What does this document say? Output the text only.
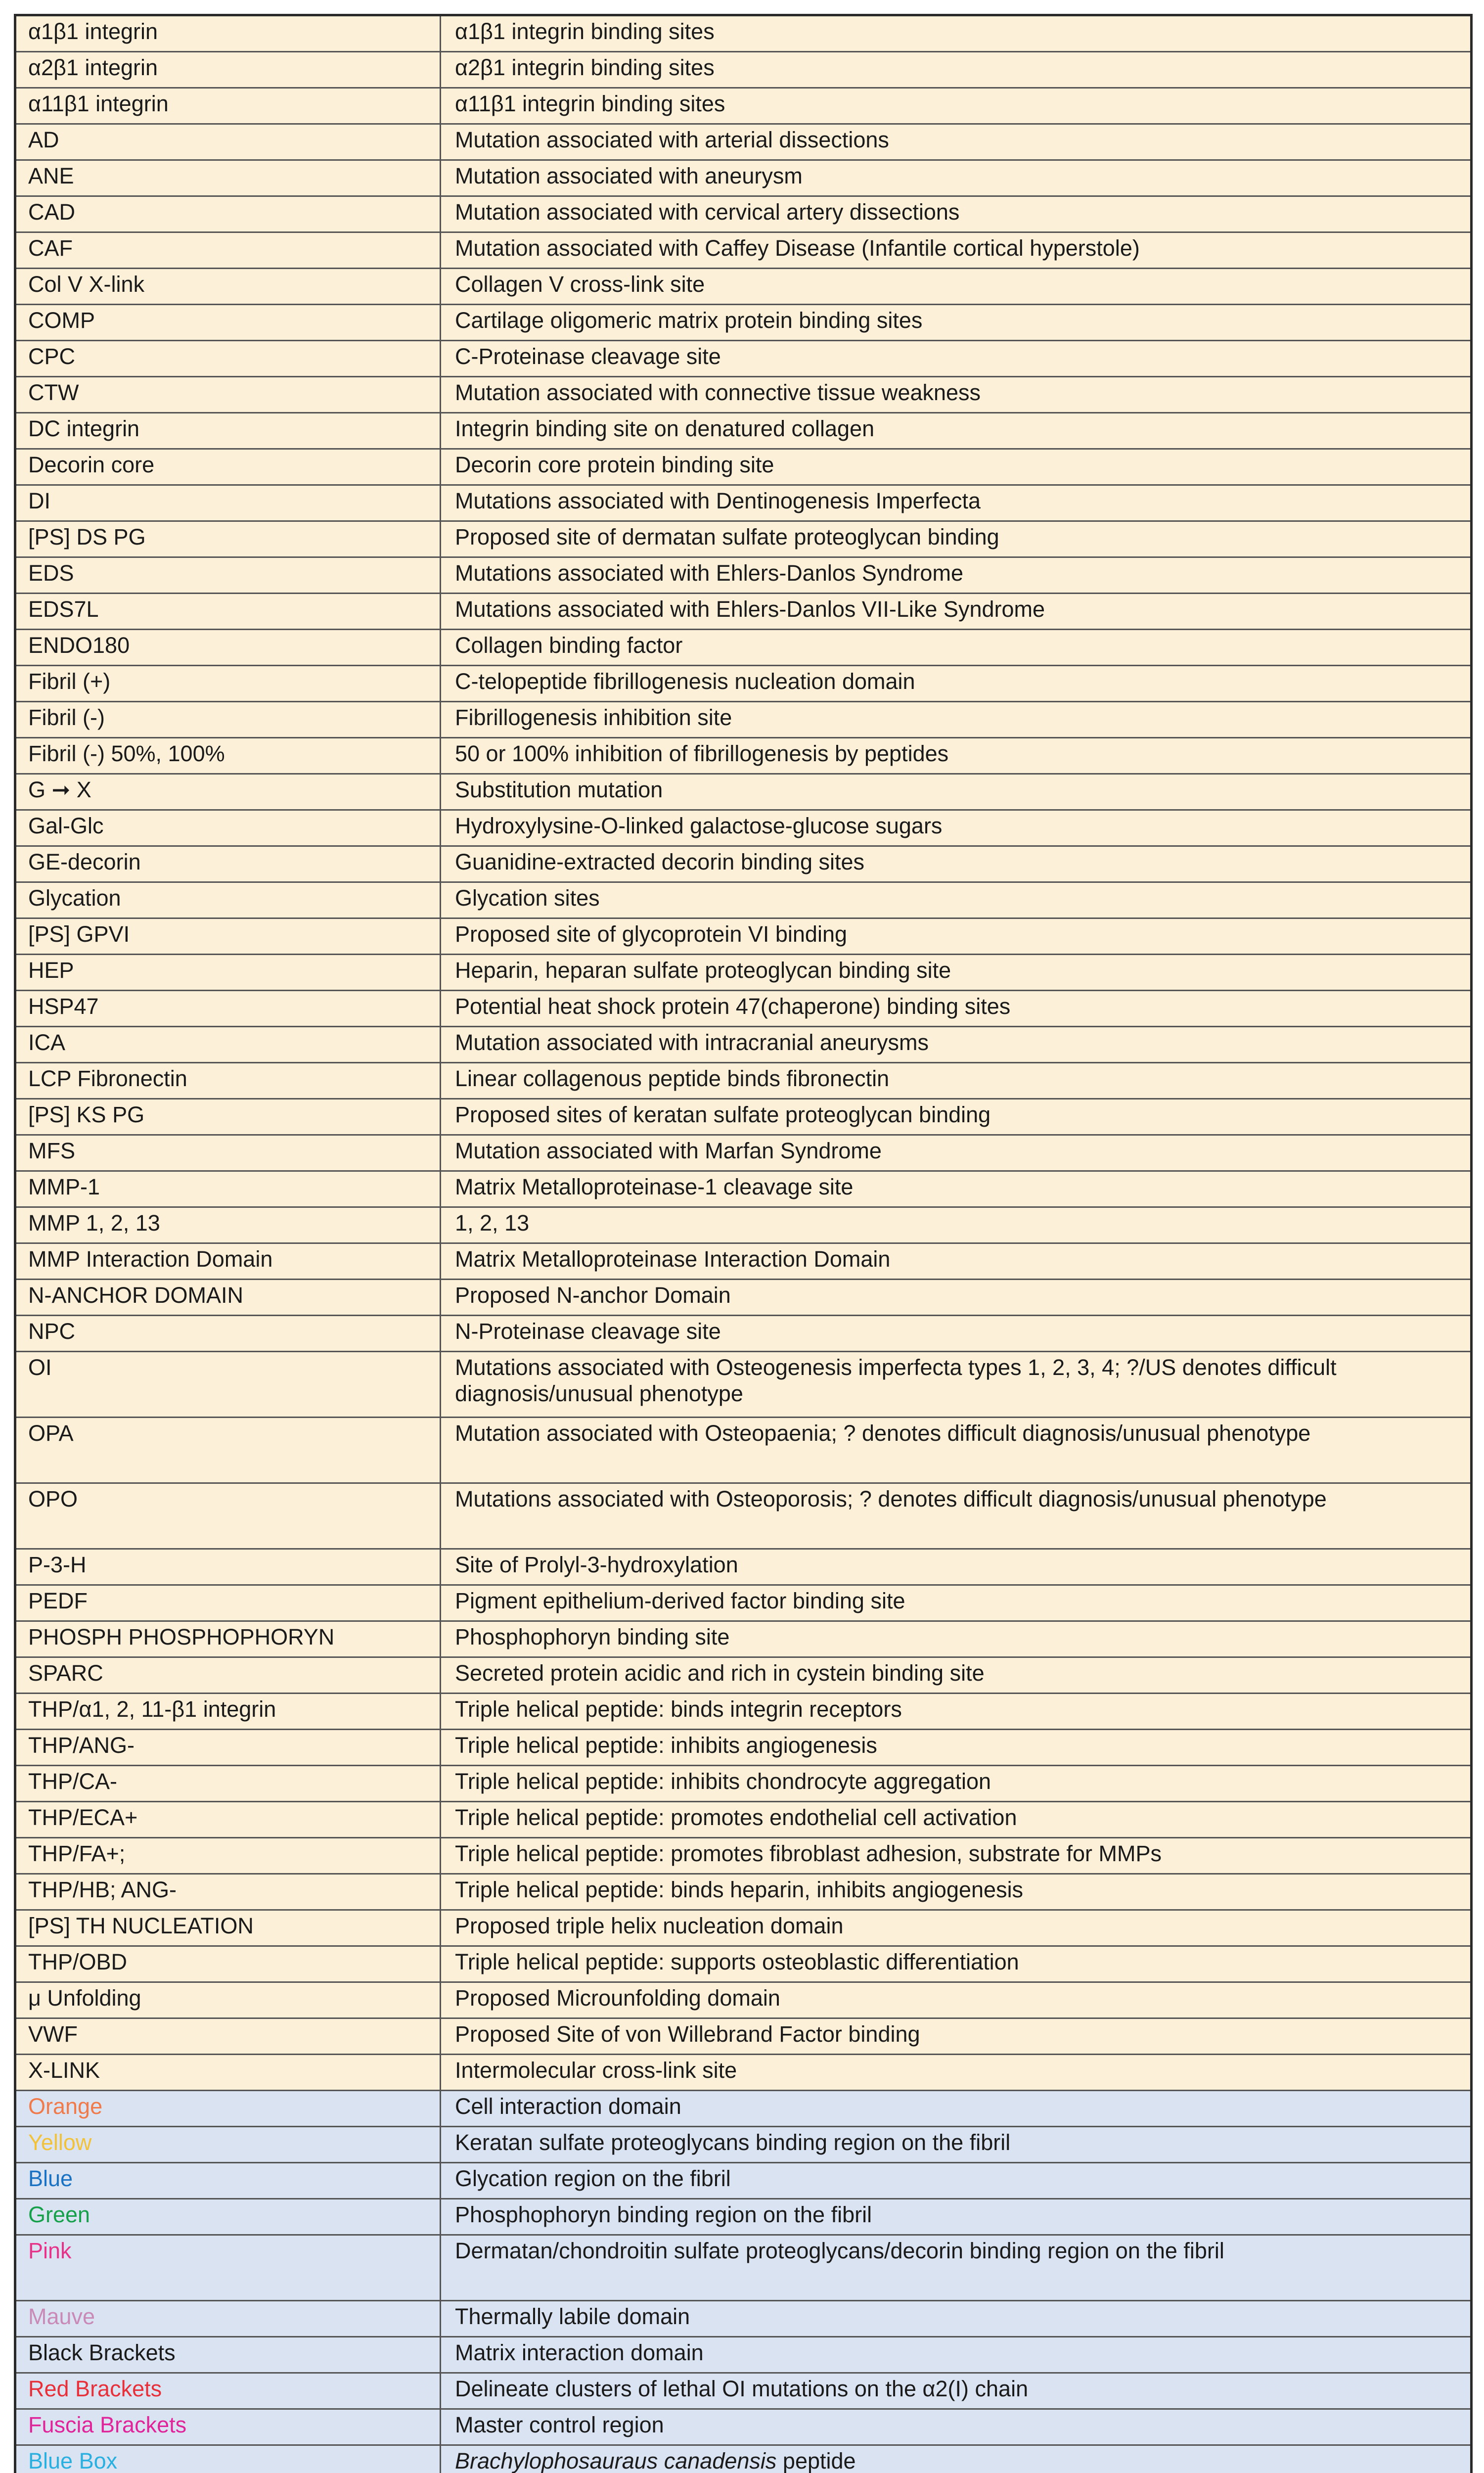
α1β1 integrin	α1β1 integrin binding sites
α2β1 integrin	α2β1 integrin binding sites
α11β1 integrin	α11β1 integrin binding sites
AD	Mutation associated with arterial dissections
ANE	Mutation associated with aneurysm
CAD	Mutation associated with cervical artery dissections
CAF	Mutation associated with Caffey Disease (Infantile cortical hyperstole)
Col V X-link	Collagen V cross-link site
COMP	Cartilage oligomeric matrix protein binding sites
CPC	C-Proteinase cleavage site
CTW	Mutation associated with connective tissue weakness
DC integrin	Integrin binding site on denatured collagen
Decorin core	Decorin core protein binding site
DI	Mutations associated with Dentinogenesis Imperfecta
[PS] DS PG	Proposed site of dermatan sulfate proteoglycan binding
EDS	Mutations associated with Ehlers-Danlos Syndrome
EDS7L	Mutations associated with Ehlers-Danlos VII-Like Syndrome
ENDO180	Collagen binding factor
Fibril (+)	C-telopeptide fibrillogenesis nucleation domain
Fibril (-)	Fibrillogenesis inhibition site
Fibril (-) 50%, 100%	50 or 100% inhibition of fibrillogenesis by peptides
G ➞ X	Substitution mutation
Gal-Glc	Hydroxylysine-O-linked galactose-glucose sugars
GE-decorin	Guanidine-extracted decorin binding sites
Glycation	Glycation sites
[PS] GPVI	Proposed site of glycoprotein VI binding
HEP	Heparin, heparan sulfate proteoglycan binding site
HSP47	Potential heat shock protein 47(chaperone) binding sites
ICA	Mutation associated with intracranial aneurysms
LCP Fibronectin	Linear collagenous peptide binds fibronectin
[PS] KS PG	Proposed sites of keratan sulfate proteoglycan binding
MFS	Mutation associated with Marfan Syndrome
MMP-1	Matrix Metalloproteinase-1 cleavage site
MMP 1, 2, 13	1, 2, 13
MMP Interaction Domain	Matrix Metalloproteinase Interaction Domain
N-ANCHOR DOMAIN	Proposed N-anchor Domain
NPC	N-Proteinase cleavage site
OI	Mutations associated with Osteogenesis imperfecta types 1, 2, 3, 4; ?/US denotes difficult diagnosis/unusual phenotype
OPA	Mutation associated with Osteopaenia; ? denotes difficult diagnosis/unusual phenotype
OPO	Mutations associated with Osteoporosis; ? denotes difficult diagnosis/unusual phenotype
P-3-H	Site of Prolyl-3-hydroxylation
PEDF	Pigment epithelium-derived factor binding site
PHOSPH PHOSPHOPHORYN	Phosphophoryn binding site
SPARC	Secreted protein acidic and rich in cystein binding site
THP/α1, 2, 11-β1 integrin	Triple helical peptide: binds integrin receptors
THP/ANG-	Triple helical peptide: inhibits angiogenesis
THP/CA-	Triple helical peptide: inhibits chondrocyte aggregation
THP/ECA+	Triple helical peptide: promotes endothelial cell activation
THP/FA+;	Triple helical peptide: promotes fibroblast adhesion, substrate for MMPs
THP/HB; ANG-	Triple helical peptide: binds heparin, inhibits angiogenesis
[PS] TH NUCLEATION	Proposed triple helix nucleation domain
THP/OBD	Triple helical peptide: supports osteoblastic differentiation
μ Unfolding	Proposed Microunfolding domain
VWF	Proposed Site of von Willebrand Factor binding
X-LINK	Intermolecular cross-link site
Orange	Cell interaction domain
Yellow	Keratan sulfate proteoglycans binding region on the fibril
Blue	Glycation region on the fibril
Green	Phosphophoryn binding region on the fibril
Pink	Dermatan/chondroitin sulfate proteoglycans/decorin binding region on the fibril
Mauve	Thermally labile domain
Black Brackets	Matrix interaction domain
Red Brackets	Delineate clusters of lethal OI mutations on the α2(I) chain
Fuscia Brackets	Master control region
Blue Box	Brachylophosauraus canadensis peptide
